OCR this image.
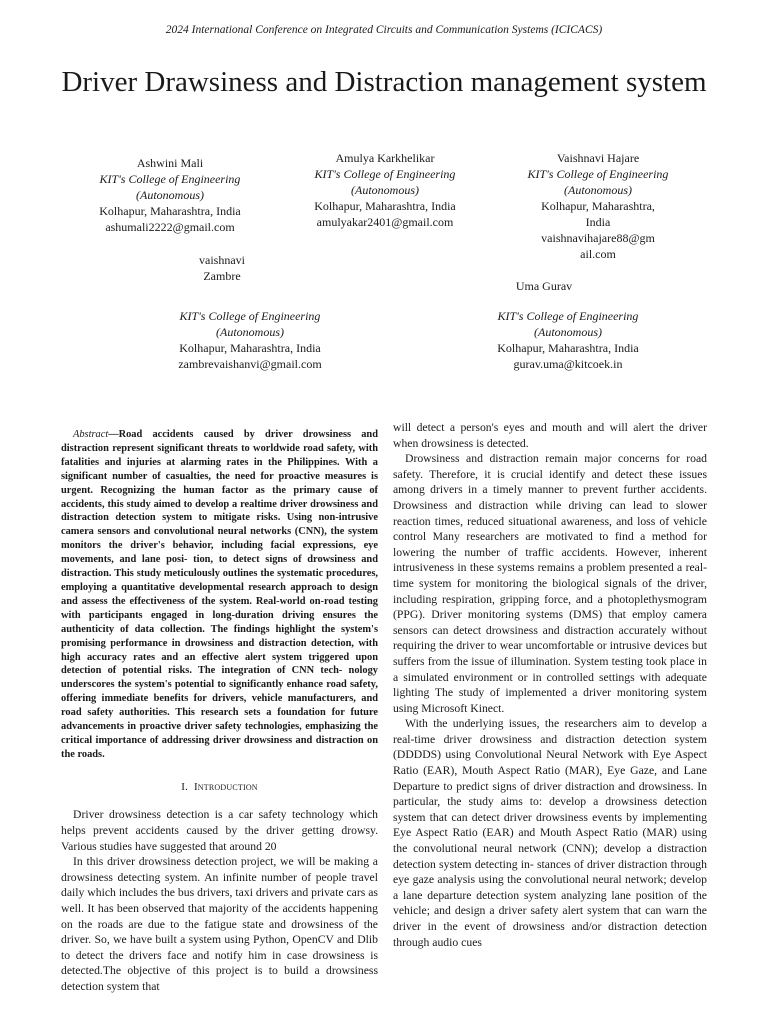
2024 International Conference on Integrated Circuits and Communication Systems (ICICACS)
Driver Drawsiness and Distraction management system
Ashwini Mali
KIT's College of Engineering
(Autonomous)
Kolhapur, Maharashtra, India
ashumali2222@gmail.com
Amulya Karkhelikar
KIT's College of Engineering
(Autonomous)
Kolhapur, Maharashtra, India
amulyakar2401@gmail.com
Vaishnavi Hajare
KIT's College of Engineering
(Autonomous)
Kolhapur, Maharashtra,
India
vaishnavihajare88@gm
ail.com
vaishnavi
Zambre
KIT's College of Engineering
(Autonomous)
Kolhapur, Maharashtra, India
zambrevaishanvi@gmail.com
Uma Gurav
KIT's College of Engineering
(Autonomous)
Kolhapur, Maharashtra, India
gurav.uma@kitcoek.in

Abstract—Road accidents caused by driver drowsiness and distraction represent significant threats to worldwide road safety, with fatalities and injuries at alarming rates in the Philippines. With a significant number of casualties, the need for proactive measures is urgent. Recognizing the human factor as the primary cause of accidents, this study aimed to develop a realtime driver drowsiness and distraction detection system to mitigate risks. Using non-intrusive camera sensors and convolutional neural networks (CNN), the system monitors the driver's behavior, including facial expressions, eye movements, and lane posi- tion, to detect signs of drowsiness and distraction. This study meticulously outlines the systematic procedures, employing a quantitative developmental research approach to design and assess the effectiveness of the system. Real-world on-road testing with participants engaged in long-duration driving ensures the authenticity of data collection. The findings highlight the system's promising performance in drowsiness and distraction detection, with high accuracy rates and an effective alert system triggered upon detection of potential risks. The integration of CNN tech- nology underscores the system's potential to significantly enhance road safety, offering immediate benefits for drivers, vehicle manufacturers, and road safety authorities. This research sets a foundation for future advancements in proactive driver safety technologies, emphasizing the critical importance of addressing driver drowsiness and distraction on the roads.

I. Introduction

Driver drowsiness detection is a car safety technology which helps prevent accidents caused by the driver getting drowsy. Various studies have suggested that around 20

In this driver drowsiness detection project, we will be making a drowsiness detecting system. An infinite number of people travel daily which includes the bus drivers, taxi drivers and private cars as well. It has been observed that majority of the accidents happening on the roads are due to the fatigue state and drowsiness of the driver. So, we have built a system using Python, OpenCV and Dlib to detect the drivers face and notify him in case drowsiness is detected.The objective of this project is to build a drowsiness detection system that

will detect a person's eyes and mouth and will alert the driver when drowsiness is detected.

Drowsiness and distraction remain major concerns for road safety. Therefore, it is crucial identify and detect these issues among drivers in a timely manner to prevent further accidents. Drowsiness and distraction while driving can lead to slower reaction times, reduced situational awareness, and loss of vehicle control Many researchers are motivated to find a method for lowering the number of traffic accidents. However, inherent intrusiveness in these systems remains a problem presented a real-time system for monitoring the biological signals of the driver, including respiration, gripping force, and a photoplethysmogram (PPG). Driver monitoring systems (DMS) that employ camera sensors can detect drowsiness and distraction accurately without requiring the driver to wear uncomfortable or intrusive devices but suffers from the issue of illumination. System testing took place in a simulated environment or in controlled settings with adequate lighting The study of implemented a driver monitoring system using Microsoft Kinect.

With the underlying issues, the researchers aim to develop a real-time driver drowsiness and distraction detection system (DDDDS) using Convolutional Neural Network with Eye Aspect Ratio (EAR), Mouth Aspect Ratio (MAR), Eye Gaze, and Lane Departure to predict signs of driver distraction and drowsiness. In particular, the study aims to: develop a drowsiness detection system that can detect driver drowsiness events by implementing Eye Aspect Ratio (EAR) and Mouth Aspect Ratio (MAR) using the convolutional neural network (CNN); develop a distraction detection system detecting in- stances of driver distraction through eye gaze analysis using the convolutional neural network; develop a lane departure detection system analyzing lane position of the vehicle; and design a driver safety alert system that can warn the driver in the event of drowsiness and/or distraction detection through audio cues
